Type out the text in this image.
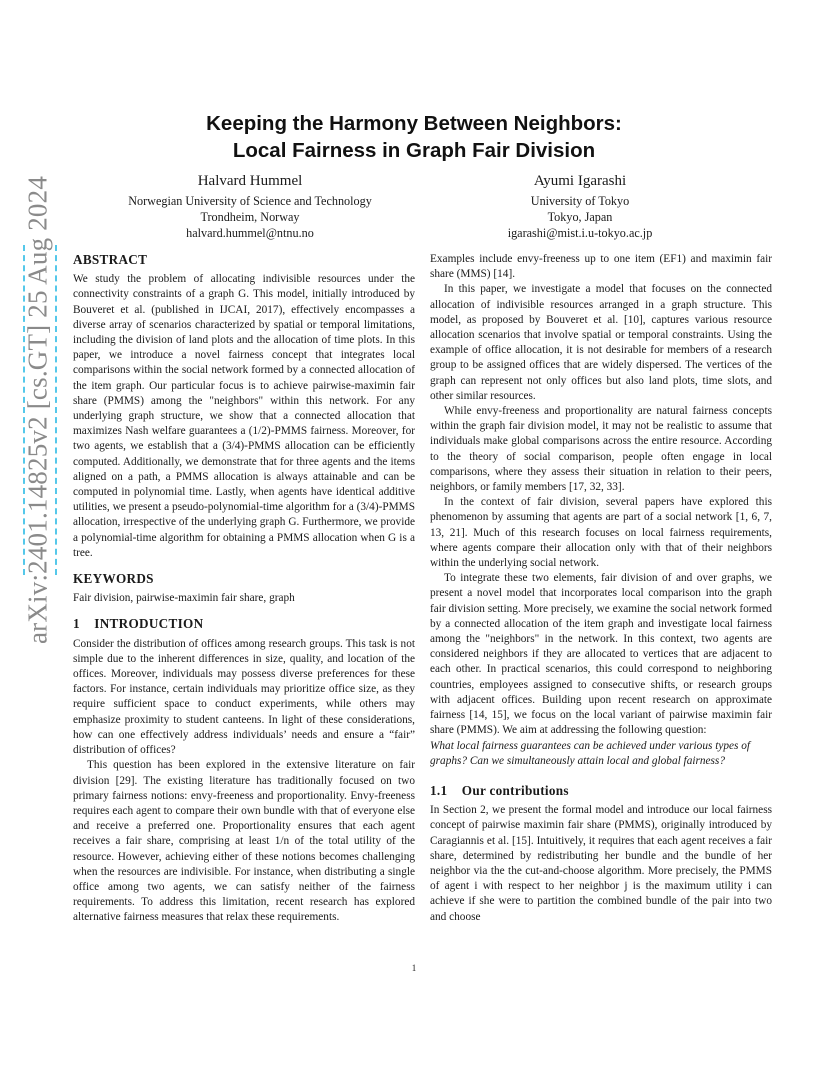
arXiv:2401.14825v2 [cs.GT] 25 Aug 2024
Keeping the Harmony Between Neighbors:
Local Fairness in Graph Fair Division
Halvard Hummel
Norwegian University of Science and Technology
Trondheim, Norway
halvard.hummel@ntnu.no
Ayumi Igarashi
University of Tokyo
Tokyo, Japan
igarashi@mist.i.u-tokyo.ac.jp
ABSTRACT

We study the problem of allocating indivisible resources under the connectivity constraints of a graph G. This model, initially introduced by Bouveret et al. (published in IJCAI, 2017), effectively encompasses a diverse array of scenarios characterized by spatial or temporal limitations, including the division of land plots and the allocation of time plots. In this paper, we introduce a novel fairness concept that integrates local comparisons within the social network formed by a connected allocation of the item graph. Our particular focus is to achieve pairwise-maximin fair share (PMMS) among the "neighbors" within this network. For any underlying graph structure, we show that a connected allocation that maximizes Nash welfare guarantees a (1/2)-PMMS fairness. Moreover, for two agents, we establish that a (3/4)-PMMS allocation can be efficiently computed. Additionally, we demonstrate that for three agents and the items aligned on a path, a PMMS allocation is always attainable and can be computed in polynomial time. Lastly, when agents have identical additive utilities, we present a pseudo-polynomial-time algorithm for a (3/4)-PMMS allocation, irrespective of the underlying graph G. Furthermore, we provide a polynomial-time algorithm for obtaining a PMMS allocation when G is a tree.

KEYWORDS

Fair division, pairwise-maximin fair share, graph

1    INTRODUCTION

Consider the distribution of offices among research groups. This task is not simple due to the inherent differences in size, quality, and location of the offices. Moreover, individuals may possess diverse preferences for these factors. For instance, certain individuals may prioritize office size, as they require sufficient space to conduct experiments, while others may emphasize proximity to student canteens. In light of these considerations, how can one effectively address individuals’ needs and ensure a “fair” distribution of offices?

This question has been explored in the extensive literature on fair division [29]. The existing literature has traditionally focused on two primary fairness notions: envy-freeness and proportionality. Envy-freeness requires each agent to compare their own bundle with that of everyone else and receive a preferred one. Proportionality ensures that each agent receives a fair share, comprising at least 1/n of the total utility of the resource. However, achieving either of these notions becomes challenging when the resources are indivisible. For instance, when distributing a single office among two agents, we can satisfy neither of the fairness requirements. To address this limitation, recent research has explored alternative fairness measures that relax these requirements.

Examples include envy-freeness up to one item (EF1) and maximin fair share (MMS) [14].

In this paper, we investigate a model that focuses on the connected allocation of indivisible resources arranged in a graph structure. This model, as proposed by Bouveret et al. [10], captures various resource allocation scenarios that involve spatial or temporal constraints. Using the example of office allocation, it is not desirable for members of a research group to be assigned offices that are widely dispersed. The vertices of the graph can represent not only offices but also land plots, time slots, and other similar resources.

While envy-freeness and proportionality are natural fairness concepts within the graph fair division model, it may not be realistic to assume that individuals make global comparisons across the entire resource. According to the theory of social comparison, people often engage in local comparisons, where they assess their situation in relation to their peers, neighbors, or family members [17, 32, 33].

In the context of fair division, several papers have explored this phenomenon by assuming that agents are part of a social network [1, 6, 7, 13, 21]. Much of this research focuses on local fairness requirements, where agents compare their allocation only with that of their neighbors within the underlying social network.

To integrate these two elements, fair division of and over graphs, we present a novel model that incorporates local comparison into the graph fair division setting. More precisely, we examine the social network formed by a connected allocation of the item graph and investigate local fairness among the "neighbors" in the network. In this context, two agents are considered neighbors if they are allocated to vertices that are adjacent to each other. In practical scenarios, this could correspond to neighboring countries, employees assigned to consecutive shifts, or research groups with adjacent offices. Building upon recent research on approximate fairness [14, 15], we focus on the local variant of pairwise maximin fair share (PMMS). We aim at addressing the following question:

What local fairness guarantees can be achieved under various types of graphs? Can we simultaneously attain local and global fairness?

1.1    Our contributions

In Section 2, we present the formal model and introduce our local fairness concept of pairwise maximin fair share (PMMS), originally introduced by Caragiannis et al. [15]. Intuitively, it requires that each agent receives a fair share, determined by redistributing her bundle and the bundle of her neighbor via the the cut-and-choose algorithm. More precisely, the PMMS of agent i with respect to her neighbor j is the maximum utility i can achieve if she were to partition the combined bundle of the pair into two and choose

1
